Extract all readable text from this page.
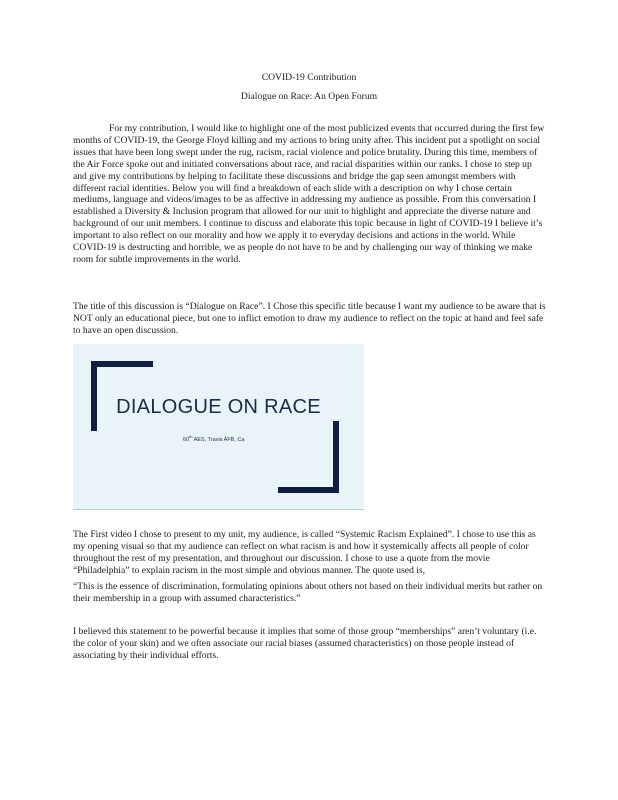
COVID-19 Contribution
Dialogue on Race: An Open Forum

For my contribution, I would like to highlight one of the most publicized events that occurred during the first few months of COVID-19, the George Floyd killing and my actions to bring unity after. This incident put a spotlight on social issues that have been long swept under the rug, racism, racial violence and police brutality. During this time, members of the Air Force spoke out and initiated conversations about race, and racial disparities within our ranks. I chose to step up and give my contributions by helping to facilitate these discussions and bridge the gap seen amongst members with different racial identities. Below you will find a breakdown of each slide with a description on why I chose certain mediums, language and videos/images to be as affective in addressing my audience as possible. From this conversation I established a Diversity & Inclusion program that allowed for our unit to highlight and appreciate the diverse nature and background of our unit members. I continue to discuss and elaborate this topic because in light of COVID-19 I believe it’s important to also reflect on our morality and how we apply it to everyday decisions and actions in the world. While COVID-19 is destructing and horrible, we as people do not have to be and by challenging our way of thinking we make room for subtle improvements in the world.

The title of this discussion is “Dialogue on Race”. I Chose this specific title because I want my audience to be aware that is NOT only an educational piece, but one to inflict emotion to draw my audience to reflect on the topic at hand and feel safe to have an open discussion.

DIALOGUE ON RACE
60th AES, Travis AFB, Ca

The First video I chose to present to my unit, my audience, is called “Systemic Racism Explained”. I chose to use this as my opening visual so that my audience can reflect on what racism is and how it systemically affects all people of color throughout the rest of my presentation, and throughout our discussion. I chose to use a quote from the movie “Philadelphia” to explain racism in the most simple and obvious manner. The quote used is,

“This is the essence of discrimination, formulating opinions about others not based on their individual merits but rather on their membership in a group with assumed characteristics.”

I believed this statement to be powerful because it implies that some of those group “memberships” aren’t voluntary (i.e. the color of your skin) and we often associate our racial biases (assumed characteristics) on those people instead of associating by their individual efforts.
